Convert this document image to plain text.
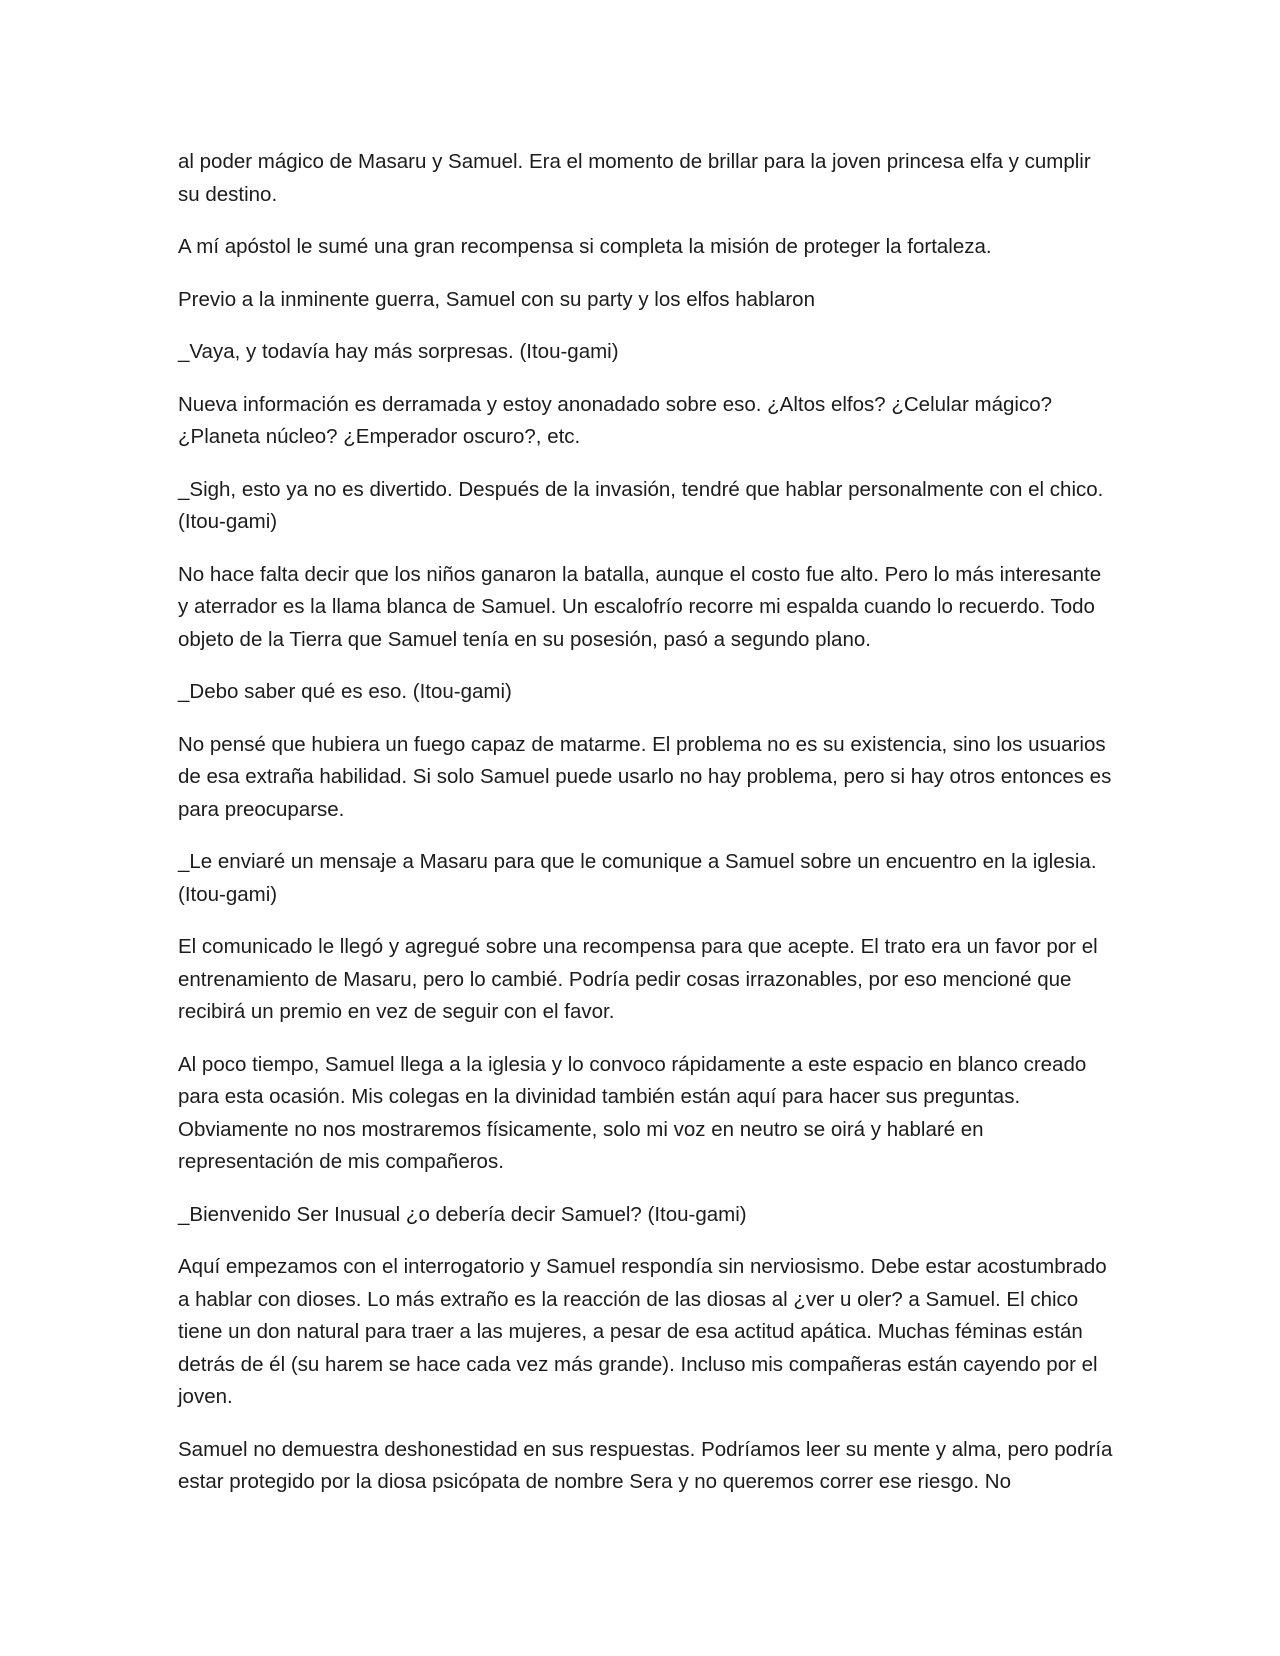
al poder mágico de Masaru y Samuel. Era el momento de brillar para la joven princesa elfa y cumplir su destino.

A mí apóstol le sumé una gran recompensa si completa la misión de proteger la fortaleza.

Previo a la inminente guerra, Samuel con su party y los elfos hablaron

_Vaya, y todavía hay más sorpresas. (Itou-gami)

Nueva información es derramada y estoy anonadado sobre eso. ¿Altos elfos? ¿Celular mágico? ¿Planeta núcleo? ¿Emperador oscuro?, etc.

_Sigh, esto ya no es divertido. Después de la invasión, tendré que hablar personalmente con el chico. (Itou-gami)

No hace falta decir que los niños ganaron la batalla, aunque el costo fue alto. Pero lo más interesante y aterrador es la llama blanca de Samuel. Un escalofrío recorre mi espalda cuando lo recuerdo. Todo objeto de la Tierra que Samuel tenía en su posesión, pasó a segundo plano.

_Debo saber qué es eso. (Itou-gami)

No pensé que hubiera un fuego capaz de matarme. El problema no es su existencia, sino los usuarios de esa extraña habilidad. Si solo Samuel puede usarlo no hay problema, pero si hay otros entonces es para preocuparse.

_Le enviaré un mensaje a Masaru para que le comunique a Samuel sobre un encuentro en la iglesia. (Itou-gami)

El comunicado le llegó y agregué sobre una recompensa para que acepte. El trato era un favor por el entrenamiento de Masaru, pero lo cambié. Podría pedir cosas irrazonables, por eso mencioné que recibirá un premio en vez de seguir con el favor.

Al poco tiempo, Samuel llega a la iglesia y lo convoco rápidamente a este espacio en blanco creado para esta ocasión. Mis colegas en la divinidad también están aquí para hacer sus preguntas. Obviamente no nos mostraremos físicamente, solo mi voz en neutro se oirá y hablaré en representación de mis compañeros.

_Bienvenido Ser Inusual ¿o debería decir Samuel? (Itou-gami)

Aquí empezamos con el interrogatorio y Samuel respondía sin nerviosismo. Debe estar acostumbrado a hablar con dioses. Lo más extraño es la reacción de las diosas al ¿ver u oler? a Samuel. El chico tiene un don natural para traer a las mujeres, a pesar de esa actitud apática. Muchas féminas están detrás de él (su harem se hace cada vez más grande). Incluso mis compañeras están cayendo por el joven.

Samuel no demuestra deshonestidad en sus respuestas. Podríamos leer su mente y alma, pero podría estar protegido por la diosa psicópata de nombre Sera y no queremos correr ese riesgo. No
